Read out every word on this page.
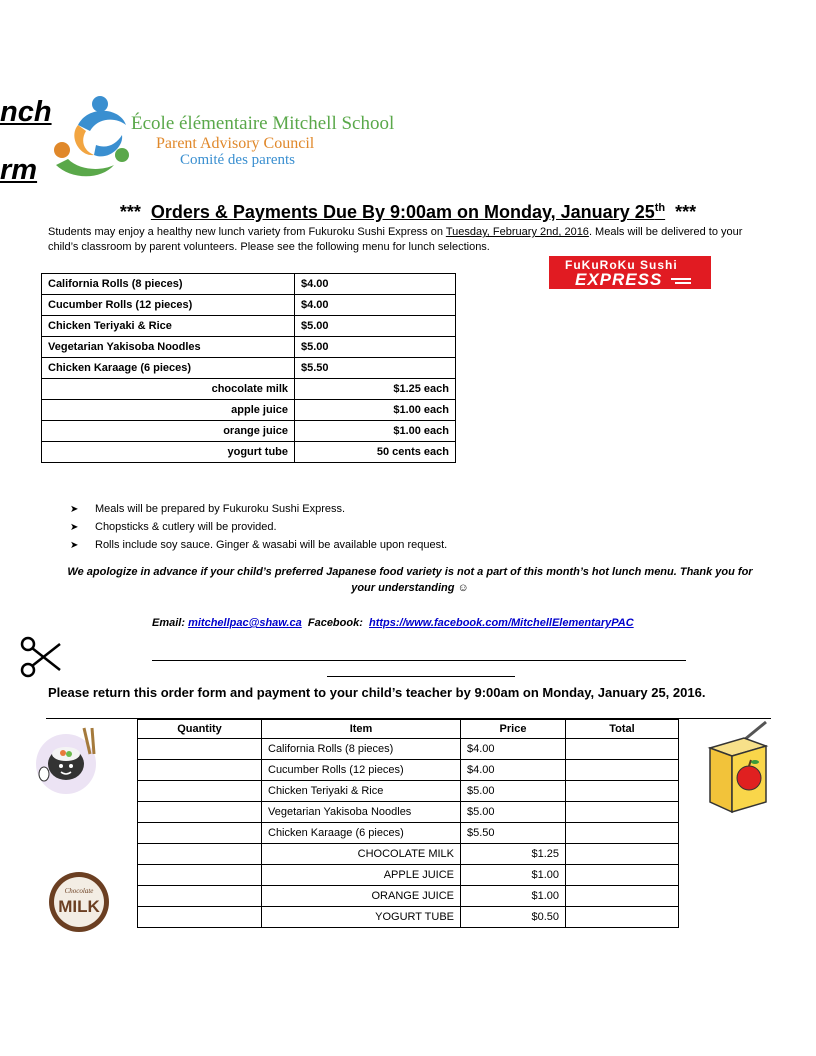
nch
rm
École élémentaire Mitchell School
Parent Advisory Council
Comité des parents
*** Orders & Payments Due By 9:00am on Monday, January 25th ***
Students may enjoy a healthy new lunch variety from Fukuroku Sushi Express on Tuesday, February 2nd, 2016. Meals will be delivered to your child’s classroom by parent volunteers. Please see the following menu for lunch selections.
FuKuRoKu Sushi
EXPRESS
California Rolls (8 pieces)	$4.00
Cucumber Rolls (12 pieces)	$4.00
Chicken Teriyaki & Rice	$5.00
Vegetarian Yakisoba Noodles	$5.00
Chicken Karaage (6 pieces)	$5.50
chocolate milk	$1.25 each
apple juice	$1.00 each
orange juice	$1.00 each
yogurt tube	50 cents each
➤ Meals will be prepared by Fukuroku Sushi Express.
➤ Chopsticks & cutlery will be provided.
➤ Rolls include soy sauce. Ginger & wasabi will be available upon request.
We apologize in advance if your child’s preferred Japanese food variety is not a part of this month’s hot lunch menu. Thank you for your understanding ☺
Email: mitchellpac@shaw.ca Facebook: https://www.facebook.com/MitchellElementaryPAC
Please return this order form and payment to your child’s teacher by 9:00am on Monday, January 25, 2016.
Quantity	Item	Price	Total
	California Rolls (8 pieces)	$4.00	
	Cucumber Rolls (12 pieces)	$4.00	
	Chicken Teriyaki & Rice	$5.00	
	Vegetarian Yakisoba Noodles	$5.00	
	Chicken Karaage (6 pieces)	$5.50	
	CHOCOLATE MILK	$1.25	
	APPLE JUICE	$1.00	
	ORANGE JUICE	$1.00	
	YOGURT TUBE	$0.50	
Chocolate
MILK
